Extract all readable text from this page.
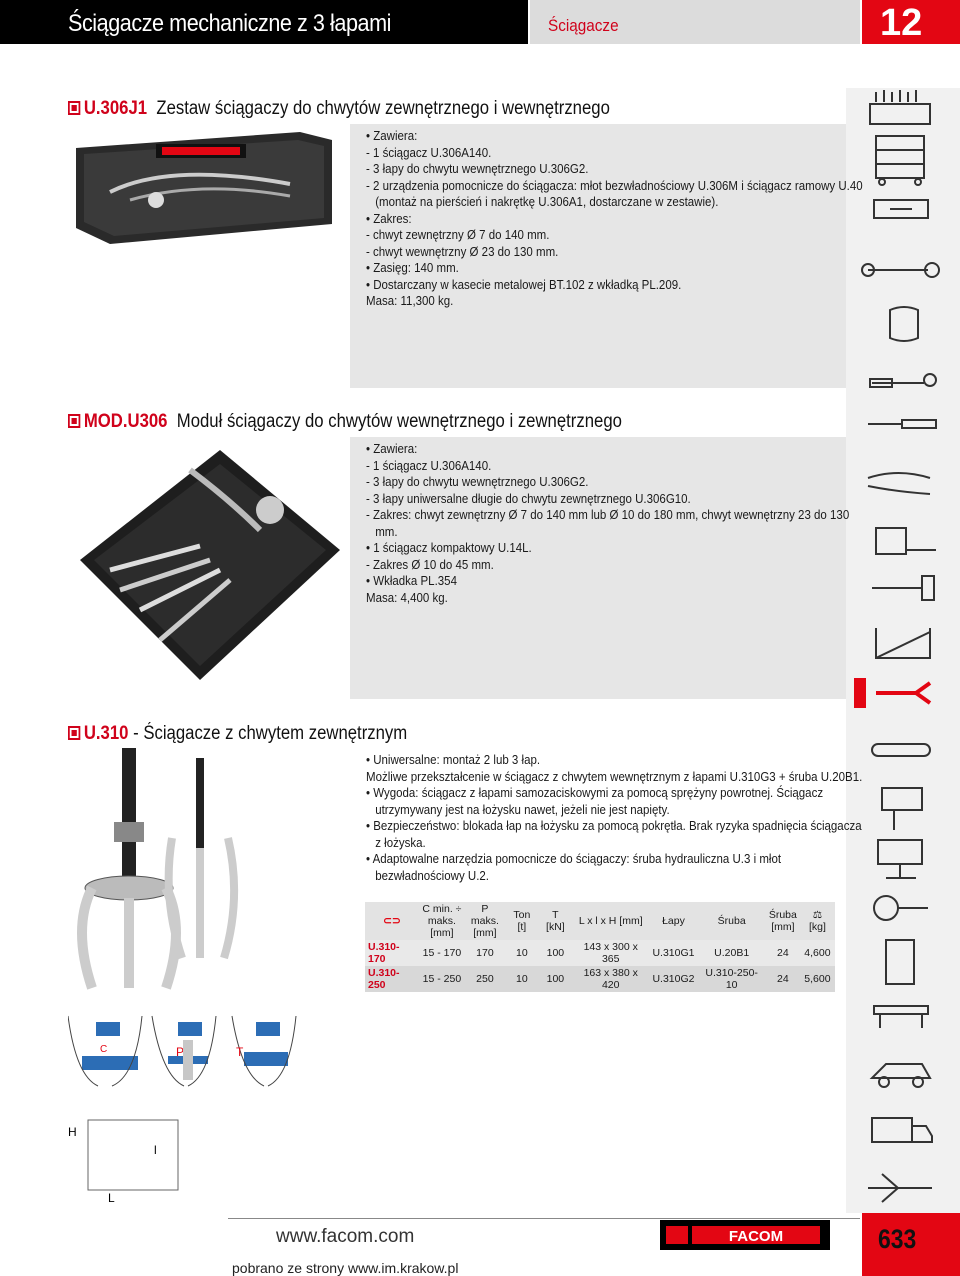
Ściągacze mechaniczne z 3 łapami	Ściągacze	12
U.306J1 Zestaw ściągaczy do chwytów zewnętrznego i wewnętrznego
• Zawiera:
- 1 ściągacz U.306A140.
- 3 łapy do chwytu wewnętrznego U.306G2.
- 2 urządzenia pomocnicze do ściągacza: młot bezwładnościowy U.306M i ściągacz ramowy U.40
(montaż na pierścień i nakrętkę U.306A1, dostarczane w zestawie).
• Zakres:
- chwyt zewnętrzny Ø 7 do 140 mm.
- chwyt wewnętrzny Ø 23 do 130 mm.
• Zasięg: 140 mm.
• Dostarczany w kasecie metalowej BT.102 z wkładką PL.209.
Masa: 11,300 kg.
MOD.U306 Moduł ściągaczy do chwytów wewnętrznego i zewnętrznego
• Zawiera:
- 1 ściągacz U.306A140.
- 3 łapy do chwytu wewnętrznego U.306G2.
- 3 łapy uniwersalne długie do chwytu zewnętrznego U.306G10.
- Zakres: chwyt zewnętrzny Ø 7 do 140 mm lub Ø 10 do 180 mm, chwyt wewnętrzny 23 do 130
mm.
• 1 ściągacz kompaktowy U.14L.
- Zakres Ø 10 do 45 mm.
• Wkładka PL.354
Masa: 4,400 kg.
U.310 - Ściągacze z chwytem zewnętrznym
• Uniwersalne: montaż 2 lub 3 łap.
Możliwe przekształcenie w ściągacz z chwytem wewnętrznym z łapami U.310G3 + śruba U.20B1.
• Wygoda: ściągacz z łapami samozaciskowymi za pomocą sprężyny powrotnej. Ściągacz
utrzymywany jest na łożysku nawet, jeżeli nie jest napięty.
• Bezpieczeństwo: blokada łap na łożysku za pomocą pokrętła. Brak ryzyka spadnięcia ściągacza
z łożyska.
• Adaptowalne narzędzia pomocnicze do ściągaczy: śruba hydrauliczna U.3 i młot
bezwładnościowy U.2.
C	P	T
H
l
L
⊂⊃	C min. ÷ maks. [mm]	P maks. [mm]	Ton [t]	T [kN]	L x l x H [mm]	Łapy	Śruba	Śruba [mm]	⚖ [kg]
U.310-170	15 - 170	170	10	100	143 x 300 x 365	U.310G1	U.20B1	24	4,600
U.310-250	15 - 250	250	10	100	163 x 380 x 420	U.310G2	U.310-250-10	24	5,600
www.facom.com	FACOM	633
pobrano ze strony www.im.krakow.pl
